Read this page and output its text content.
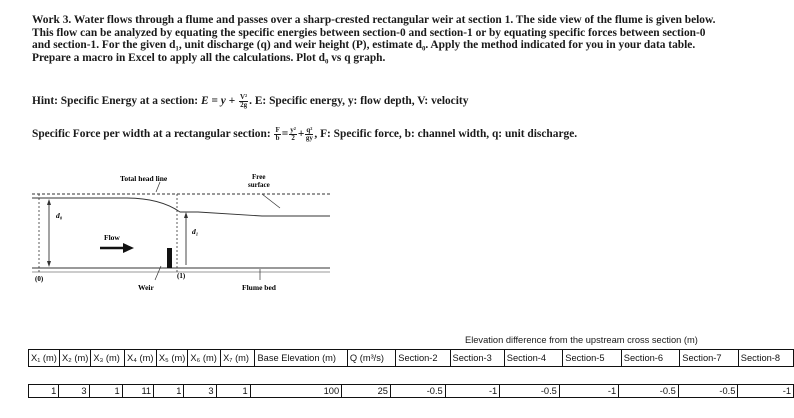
Work 3. Water flows through a flume and passes over a sharp-crested rectangular weir at section 1. The side view of the flume is given below. This flow can be analyzed by equating the specific energies between section-0 and section-1 or by equating specific forces between section-0 and section-1. For the given d₁, unit discharge (q) and weir height (P), estimate d₀. Apply the method indicated for you in your data table. Prepare a macro in Excel to apply all the calculations. Plot d₀ vs q graph.

Hint: Specific Energy at a section: $E = y + \frac{\text{V²}}{2g}$ . E: Specific energy, y: flow depth, V: velocity
Specific Force per width at a rectangular section: $\frac{F}{b} = \frac{\text{y²}}{2} + \frac{\text{q²}}{gy}$ , F: Specific force, b: channel width, q: unit discharge.
Total head line	Free
surface
d₀
d₁
Flow
(0)	(1)
Weir	Flume bed
Elevation difference from the upstream cross section (m)
X₁ (m)	X₂ (m)	X₃ (m)	X₄ (m)	X₅ (m)	X₆ (m)	X₇ (m)	Base Elevation (m)	Q (m³/s)	Section-2	Section-3	Section-4	Section-5	Section-6	Section-7	Section-8
1	3	1	11	1	3	1	100	25	-0.5	-1	-0.5	-1	-0.5	-0.5	-1
